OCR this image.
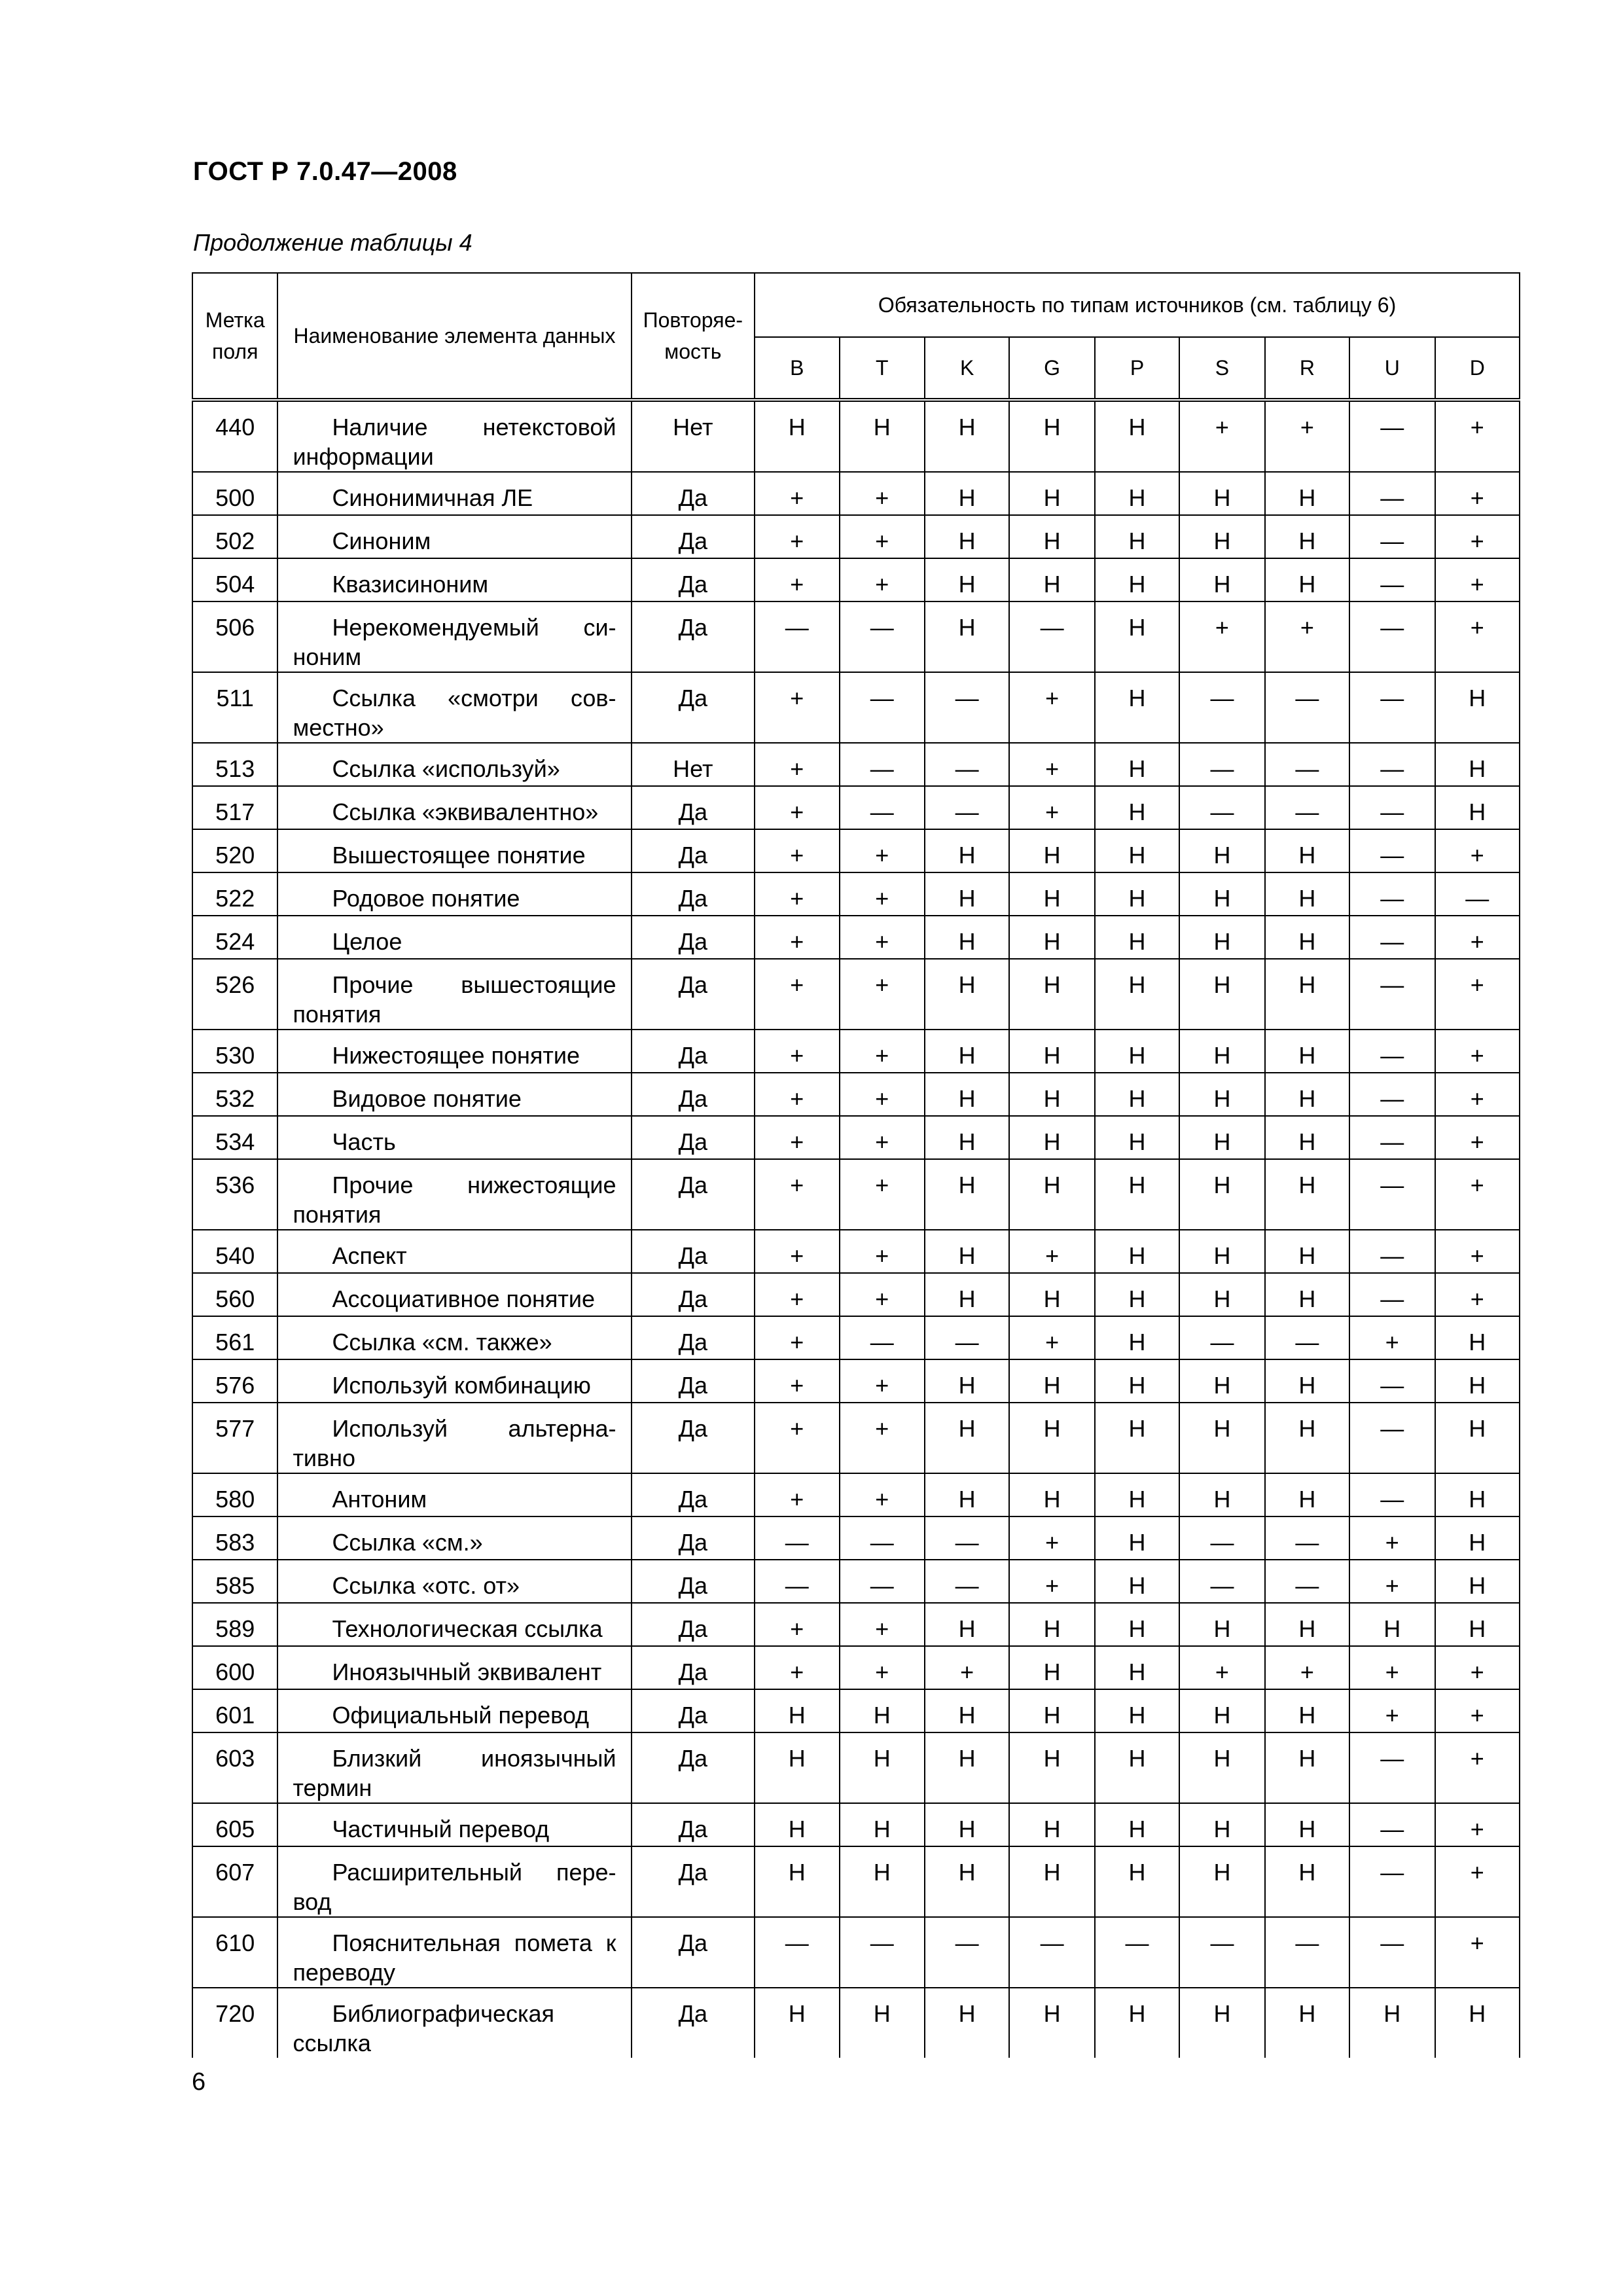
ГОСТ Р 7.0.47—2008
Продолжение таблицы 4
Метка поля	Наименование элемента данных	Повторяе-мость	Обязательность по типам источников (см. таблицу 6)								
			B	T	K	G	P	S	R	U	D
440	Наличие нетекстовой информации	Нет	Н	Н	Н	Н	Н	+	+	—	+
500	Синонимичная ЛЕ	Да	+	+	Н	Н	Н	Н	Н	—	+
502	Синоним	Да	+	+	Н	Н	Н	Н	Н	—	+
504	Квазисиноним	Да	+	+	Н	Н	Н	Н	Н	—	+
506	Нерекомендуемый си-ноним	Да	—	—	Н	—	Н	+	+	—	+
511	Ссылка «смотри сов-местно»	Да	+	—	—	+	Н	—	—	—	Н
513	Ссылка «используй»	Нет	+	—	—	+	Н	—	—	—	Н
517	Ссылка «эквивалентно»	Да	+	—	—	+	Н	—	—	—	Н
520	Вышестоящее понятие	Да	+	+	Н	Н	Н	Н	Н	—	+
522	Родовое понятие	Да	+	+	Н	Н	Н	Н	Н	—	—
524	Целое	Да	+	+	Н	Н	Н	Н	Н	—	+
526	Прочие вышестоящие понятия	Да	+	+	Н	Н	Н	Н	Н	—	+
530	Нижестоящее понятие	Да	+	+	Н	Н	Н	Н	Н	—	+
532	Видовое понятие	Да	+	+	Н	Н	Н	Н	Н	—	+
534	Часть	Да	+	+	Н	Н	Н	Н	Н	—	+
536	Прочие нижестоящие понятия	Да	+	+	Н	Н	Н	Н	Н	—	+
540	Аспект	Да	+	+	Н	+	Н	Н	Н	—	+
560	Ассоциативное понятие	Да	+	+	Н	Н	Н	Н	Н	—	+
561	Ссылка «см. также»	Да	+	—	—	+	Н	—	—	+	Н
576	Используй комбинацию	Да	+	+	Н	Н	Н	Н	Н	—	Н
577	Используй альтерна-тивно	Да	+	+	Н	Н	Н	Н	Н	—	Н
580	Антоним	Да	+	+	Н	Н	Н	Н	Н	—	Н
583	Ссылка «см.»	Да	—	—	—	+	Н	—	—	+	Н
585	Ссылка «отс. от»	Да	—	—	—	+	Н	—	—	+	Н
589	Технологическая ссылка	Да	+	+	Н	Н	Н	Н	Н	Н	Н
600	Иноязычный эквивалент	Да	+	+	+	Н	Н	+	+	+	+
601	Официальный перевод	Да	Н	Н	Н	Н	Н	Н	Н	+	+
603	Близкий иноязычный термин	Да	Н	Н	Н	Н	Н	Н	Н	—	+
605	Частичный перевод	Да	Н	Н	Н	Н	Н	Н	Н	—	+
607	Расширительный пере-вод	Да	Н	Н	Н	Н	Н	Н	Н	—	+
610	Пояснительная помета к переводу	Да	—	—	—	—	—	—	—	—	+
720	Библиографическая ссылка	Да	Н	Н	Н	Н	Н	Н	Н	Н	Н
6
